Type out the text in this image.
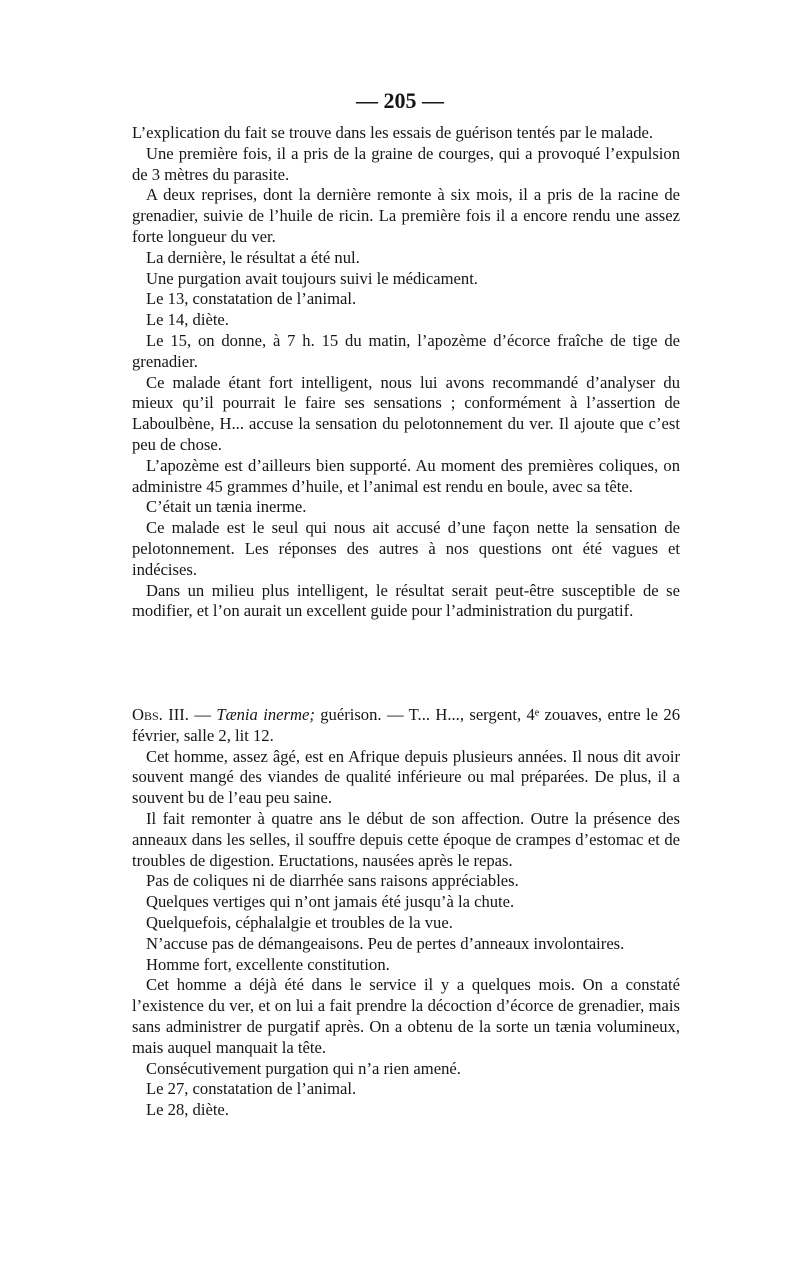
— 205 —

L’explication du fait se trouve dans les essais de guérison tentés par le malade.

Une première fois, il a pris de la graine de courges, qui a provoqué l’expulsion de 3 mètres du parasite.

A deux reprises, dont la dernière remonte à six mois, il a pris de la racine de grenadier, suivie de l’huile de ricin. La première fois il a encore rendu une assez forte longueur du ver.

La dernière, le résultat a été nul.

Une purgation avait toujours suivi le médicament.

Le 13, constatation de l’animal.

Le 14, diète.

Le 15, on donne, à 7 h. 15 du matin, l’apozème d’écorce fraîche de tige de grenadier.

Ce malade étant fort intelligent, nous lui avons recommandé d’analyser du mieux qu’il pourrait le faire ses sensations ; conformément à l’assertion de Laboulbène, H... accuse la sensation du pelotonnement du ver. Il ajoute que c’est peu de chose.

L’apozème est d’ailleurs bien supporté. Au moment des premières coliques, on administre 45 grammes d’huile, et l’animal est rendu en boule, avec sa tête.

C’était un tænia inerme.

Ce malade est le seul qui nous ait accusé d’une façon nette la sensation de pelotonnement. Les réponses des autres à nos questions ont été vagues et indécises.

Dans un milieu plus intelligent, le résultat serait peut-être susceptible de se modifier, et l’on aurait un excellent guide pour l’administration du purgatif.

Obs. III. — Tænia inerme; guérison. — T... H..., sergent, 4ᵉ zouaves, entre le 26 février, salle 2, lit 12.

Cet homme, assez âgé, est en Afrique depuis plusieurs années. Il nous dit avoir souvent mangé des viandes de qualité inférieure ou mal préparées. De plus, il a souvent bu de l’eau peu saine.

Il fait remonter à quatre ans le début de son affection. Outre la présence des anneaux dans les selles, il souffre depuis cette époque de crampes d’estomac et de troubles de digestion. Eructations, nausées après le repas.

Pas de coliques ni de diarrhée sans raisons appréciables.

Quelques vertiges qui n’ont jamais été jusqu’à la chute.

Quelquefois, céphalalgie et troubles de la vue.

N’accuse pas de démangeaisons. Peu de pertes d’anneaux involontaires.

Homme fort, excellente constitution.

Cet homme a déjà été dans le service il y a quelques mois. On a constaté l’existence du ver, et on lui a fait prendre la décoction d’écorce de grenadier, mais sans administrer de purgatif après. On a obtenu de la sorte un tænia volumineux, mais auquel manquait la tête.

Consécutivement purgation qui n’a rien amené.

Le 27, constatation de l’animal.

Le 28, diète.
